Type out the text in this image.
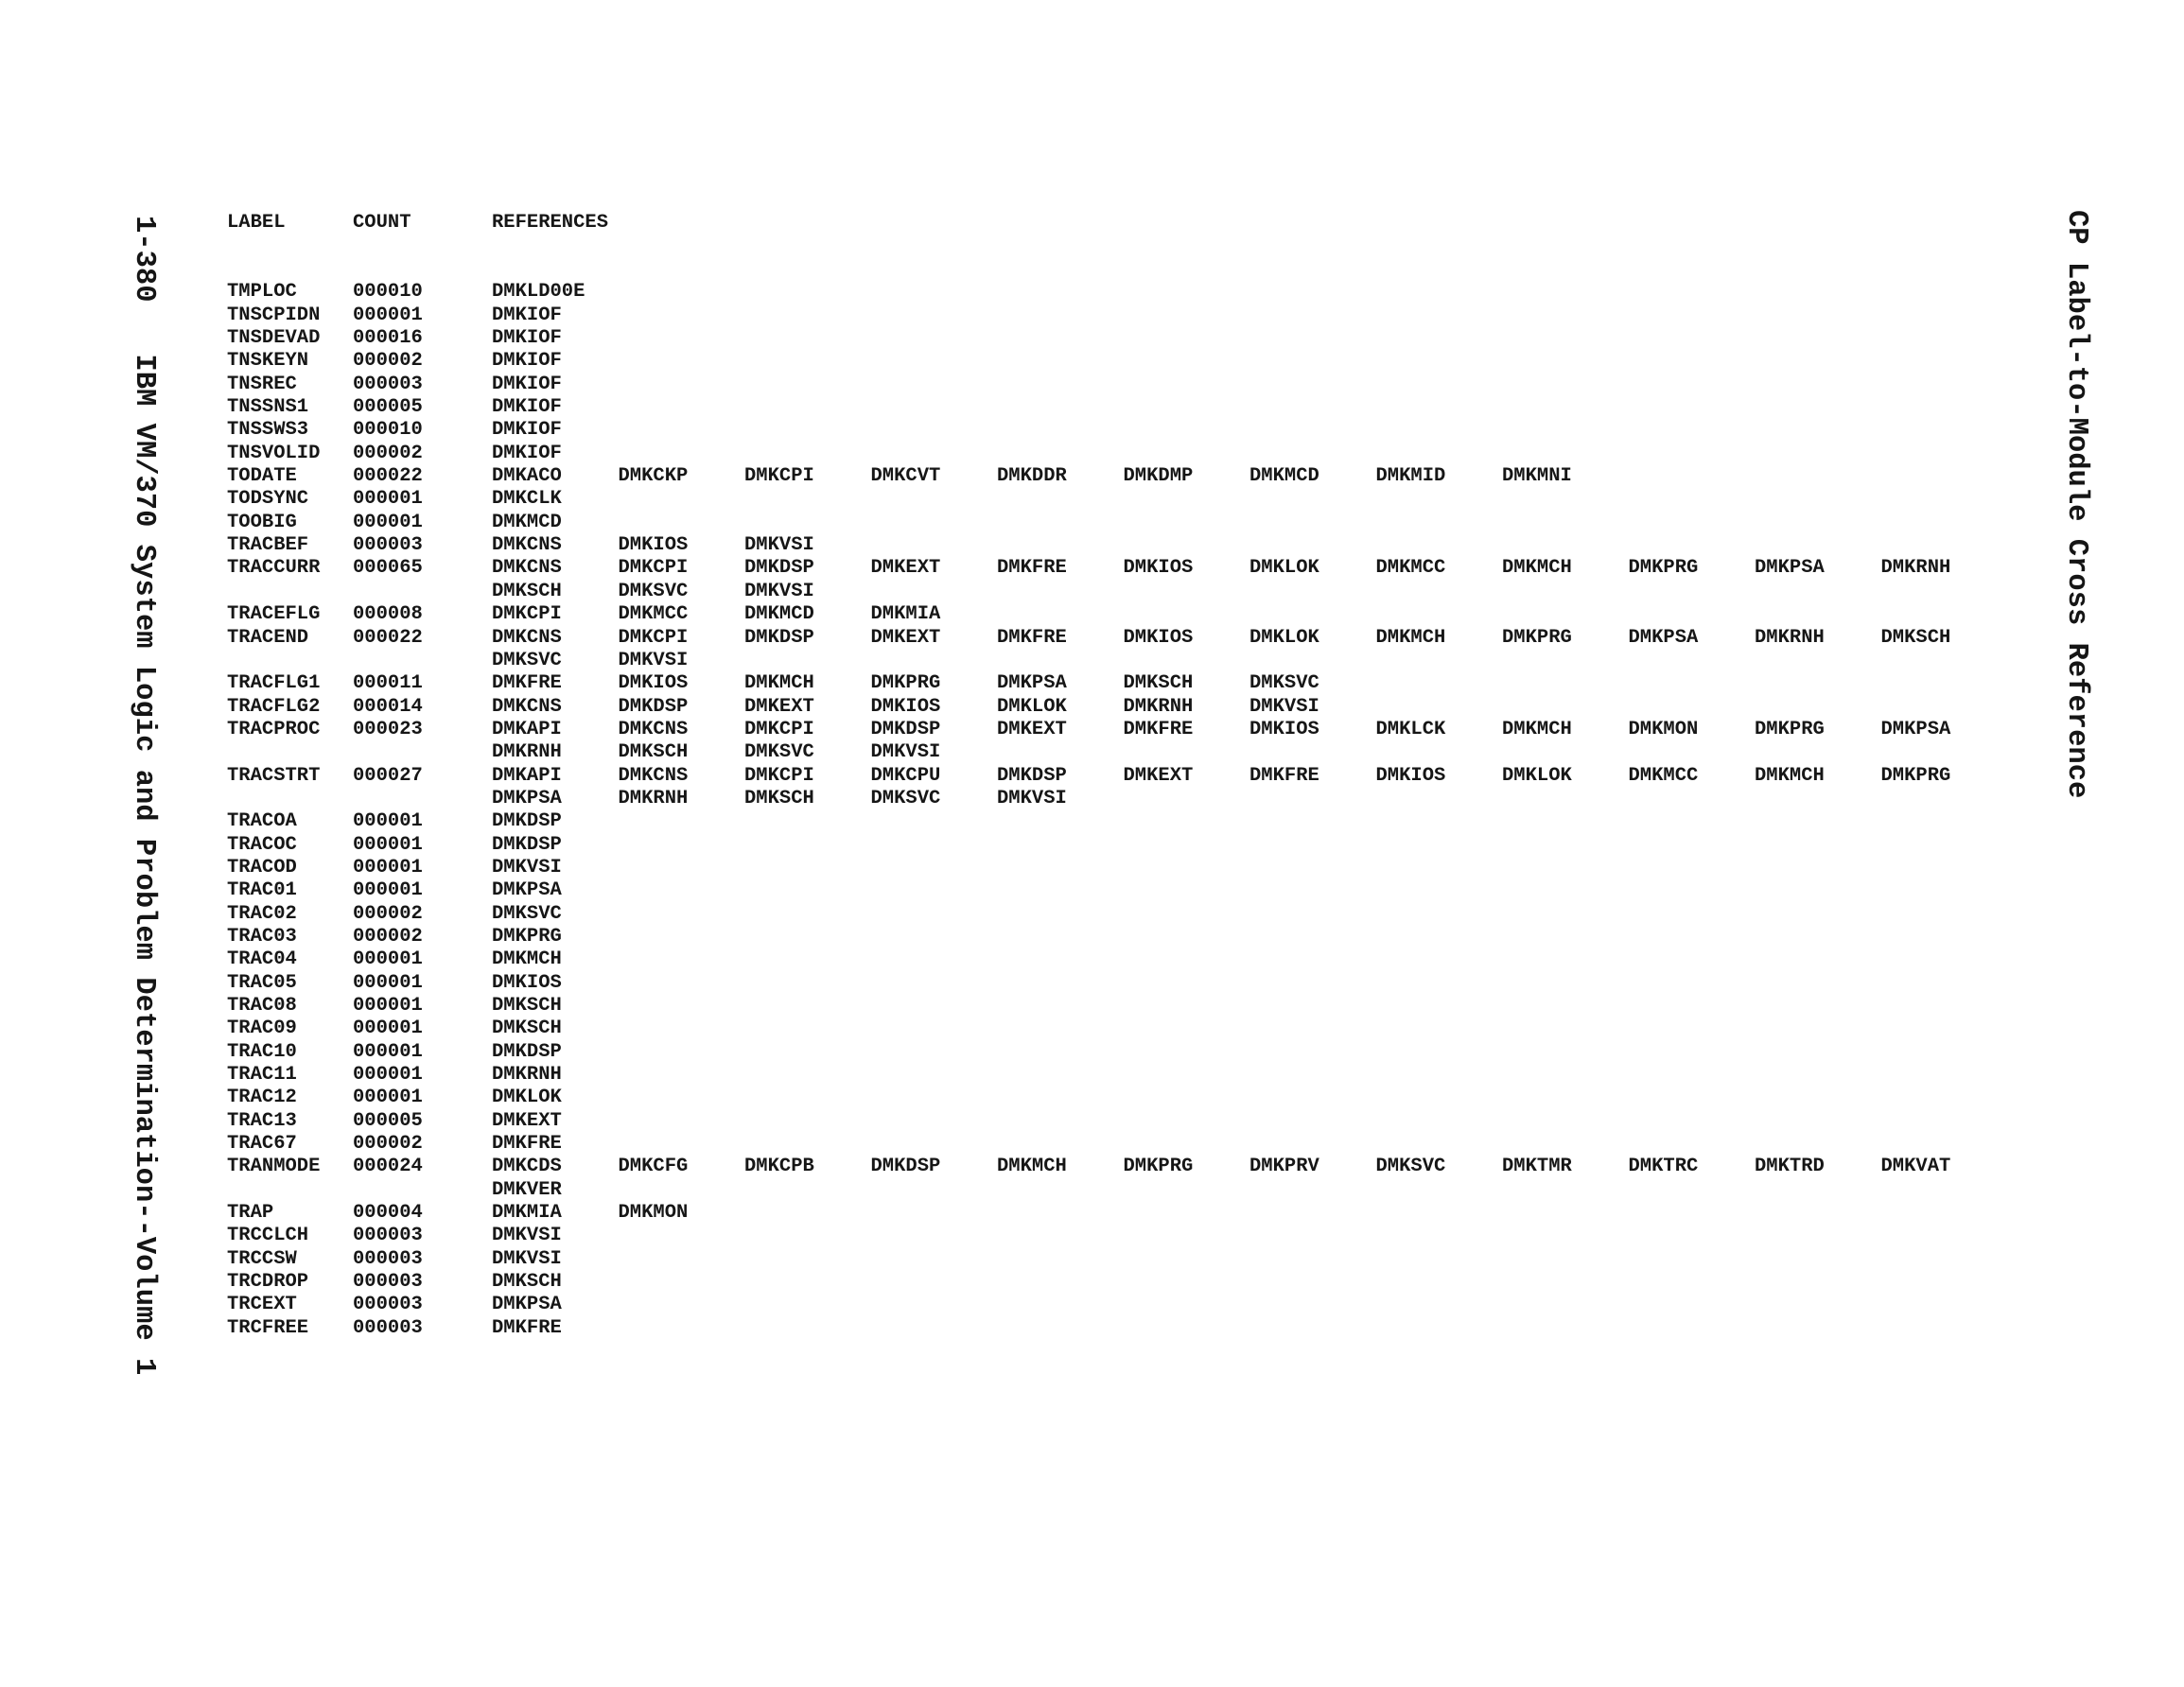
1-380   IBM VM/370 System Logic and Problem Determination--Volume 1	CP Label-to-Module Cross Reference
LABEL	COUNT	REFERENCES
TMPLOC	000010	DMKLD00E
TNSCPIDN	000001	DMKIOF
TNSDEVAD	000016	DMKIOF
TNSKEYN	000002	DMKIOF
TNSREC	000003	DMKIOF
TNSSNS1	000005	DMKIOF
TNSSWS3	000010	DMKIOF
TNSVOLID	000002	DMKIOF
TODATE	000022	DMKACO	DMKCKP	DMKCPI	DMKCVT	DMKDDR	DMKDMP	DMKMCD	DMKMID	DMKMNI
TODSYNC	000001	DMKCLK
TOOBIG	000001	DMKMCD
TRACBEF	000003	DMKCNS	DMKIOS	DMKVSI
TRACCURR	000065	DMKCNS	DMKCPI	DMKDSP	DMKEXT	DMKFRE	DMKIOS	DMKLOK	DMKMCC	DMKMCH	DMKPRG	DMKPSA	DMKRNH
DMKSCH	DMKSVC	DMKVSI
TRACEFLG	000008	DMKCPI	DMKMCC	DMKMCD	DMKMIA
TRACEND	000022	DMKCNS	DMKCPI	DMKDSP	DMKEXT	DMKFRE	DMKIOS	DMKLOK	DMKMCH	DMKPRG	DMKPSA	DMKRNH	DMKSCH
DMKSVC	DMKVSI
TRACFLG1	000011	DMKFRE	DMKIOS	DMKMCH	DMKPRG	DMKPSA	DMKSCH	DMKSVC
TRACFLG2	000014	DMKCNS	DMKDSP	DMKEXT	DMKIOS	DMKLOK	DMKRNH	DMKVSI
TRACPROC	000023	DMKAPI	DMKCNS	DMKCPI	DMKDSP	DMKEXT	DMKFRE	DMKIOS	DMKLCK	DMKMCH	DMKMON	DMKPRG	DMKPSA
DMKRNH	DMKSCH	DMKSVC	DMKVSI
TRACSTRT	000027	DMKAPI	DMKCNS	DMKCPI	DMKCPU	DMKDSP	DMKEXT	DMKFRE	DMKIOS	DMKLOK	DMKMCC	DMKMCH	DMKPRG
DMKPSA	DMKRNH	DMKSCH	DMKSVC	DMKVSI
TRACOA	000001	DMKDSP
TRACOC	000001	DMKDSP
TRACOD	000001	DMKVSI
TRAC01	000001	DMKPSA
TRAC02	000002	DMKSVC
TRAC03	000002	DMKPRG
TRAC04	000001	DMKMCH
TRAC05	000001	DMKIOS
TRAC08	000001	DMKSCH
TRAC09	000001	DMKSCH
TRAC10	000001	DMKDSP
TRAC11	000001	DMKRNH
TRAC12	000001	DMKLOK
TRAC13	000005	DMKEXT
TRAC67	000002	DMKFRE
TRANMODE	000024	DMKCDS	DMKCFG	DMKCPB	DMKDSP	DMKMCH	DMKPRG	DMKPRV	DMKSVC	DMKTMR	DMKTRC	DMKTRD	DMKVAT
DMKVER
TRAP	000004	DMKMIA	DMKMON
TRCCLCH	000003	DMKVSI
TRCCSW	000003	DMKVSI
TRCDROP	000003	DMKSCH
TRCEXT	000003	DMKPSA
TRCFREE	000003	DMKFRE
